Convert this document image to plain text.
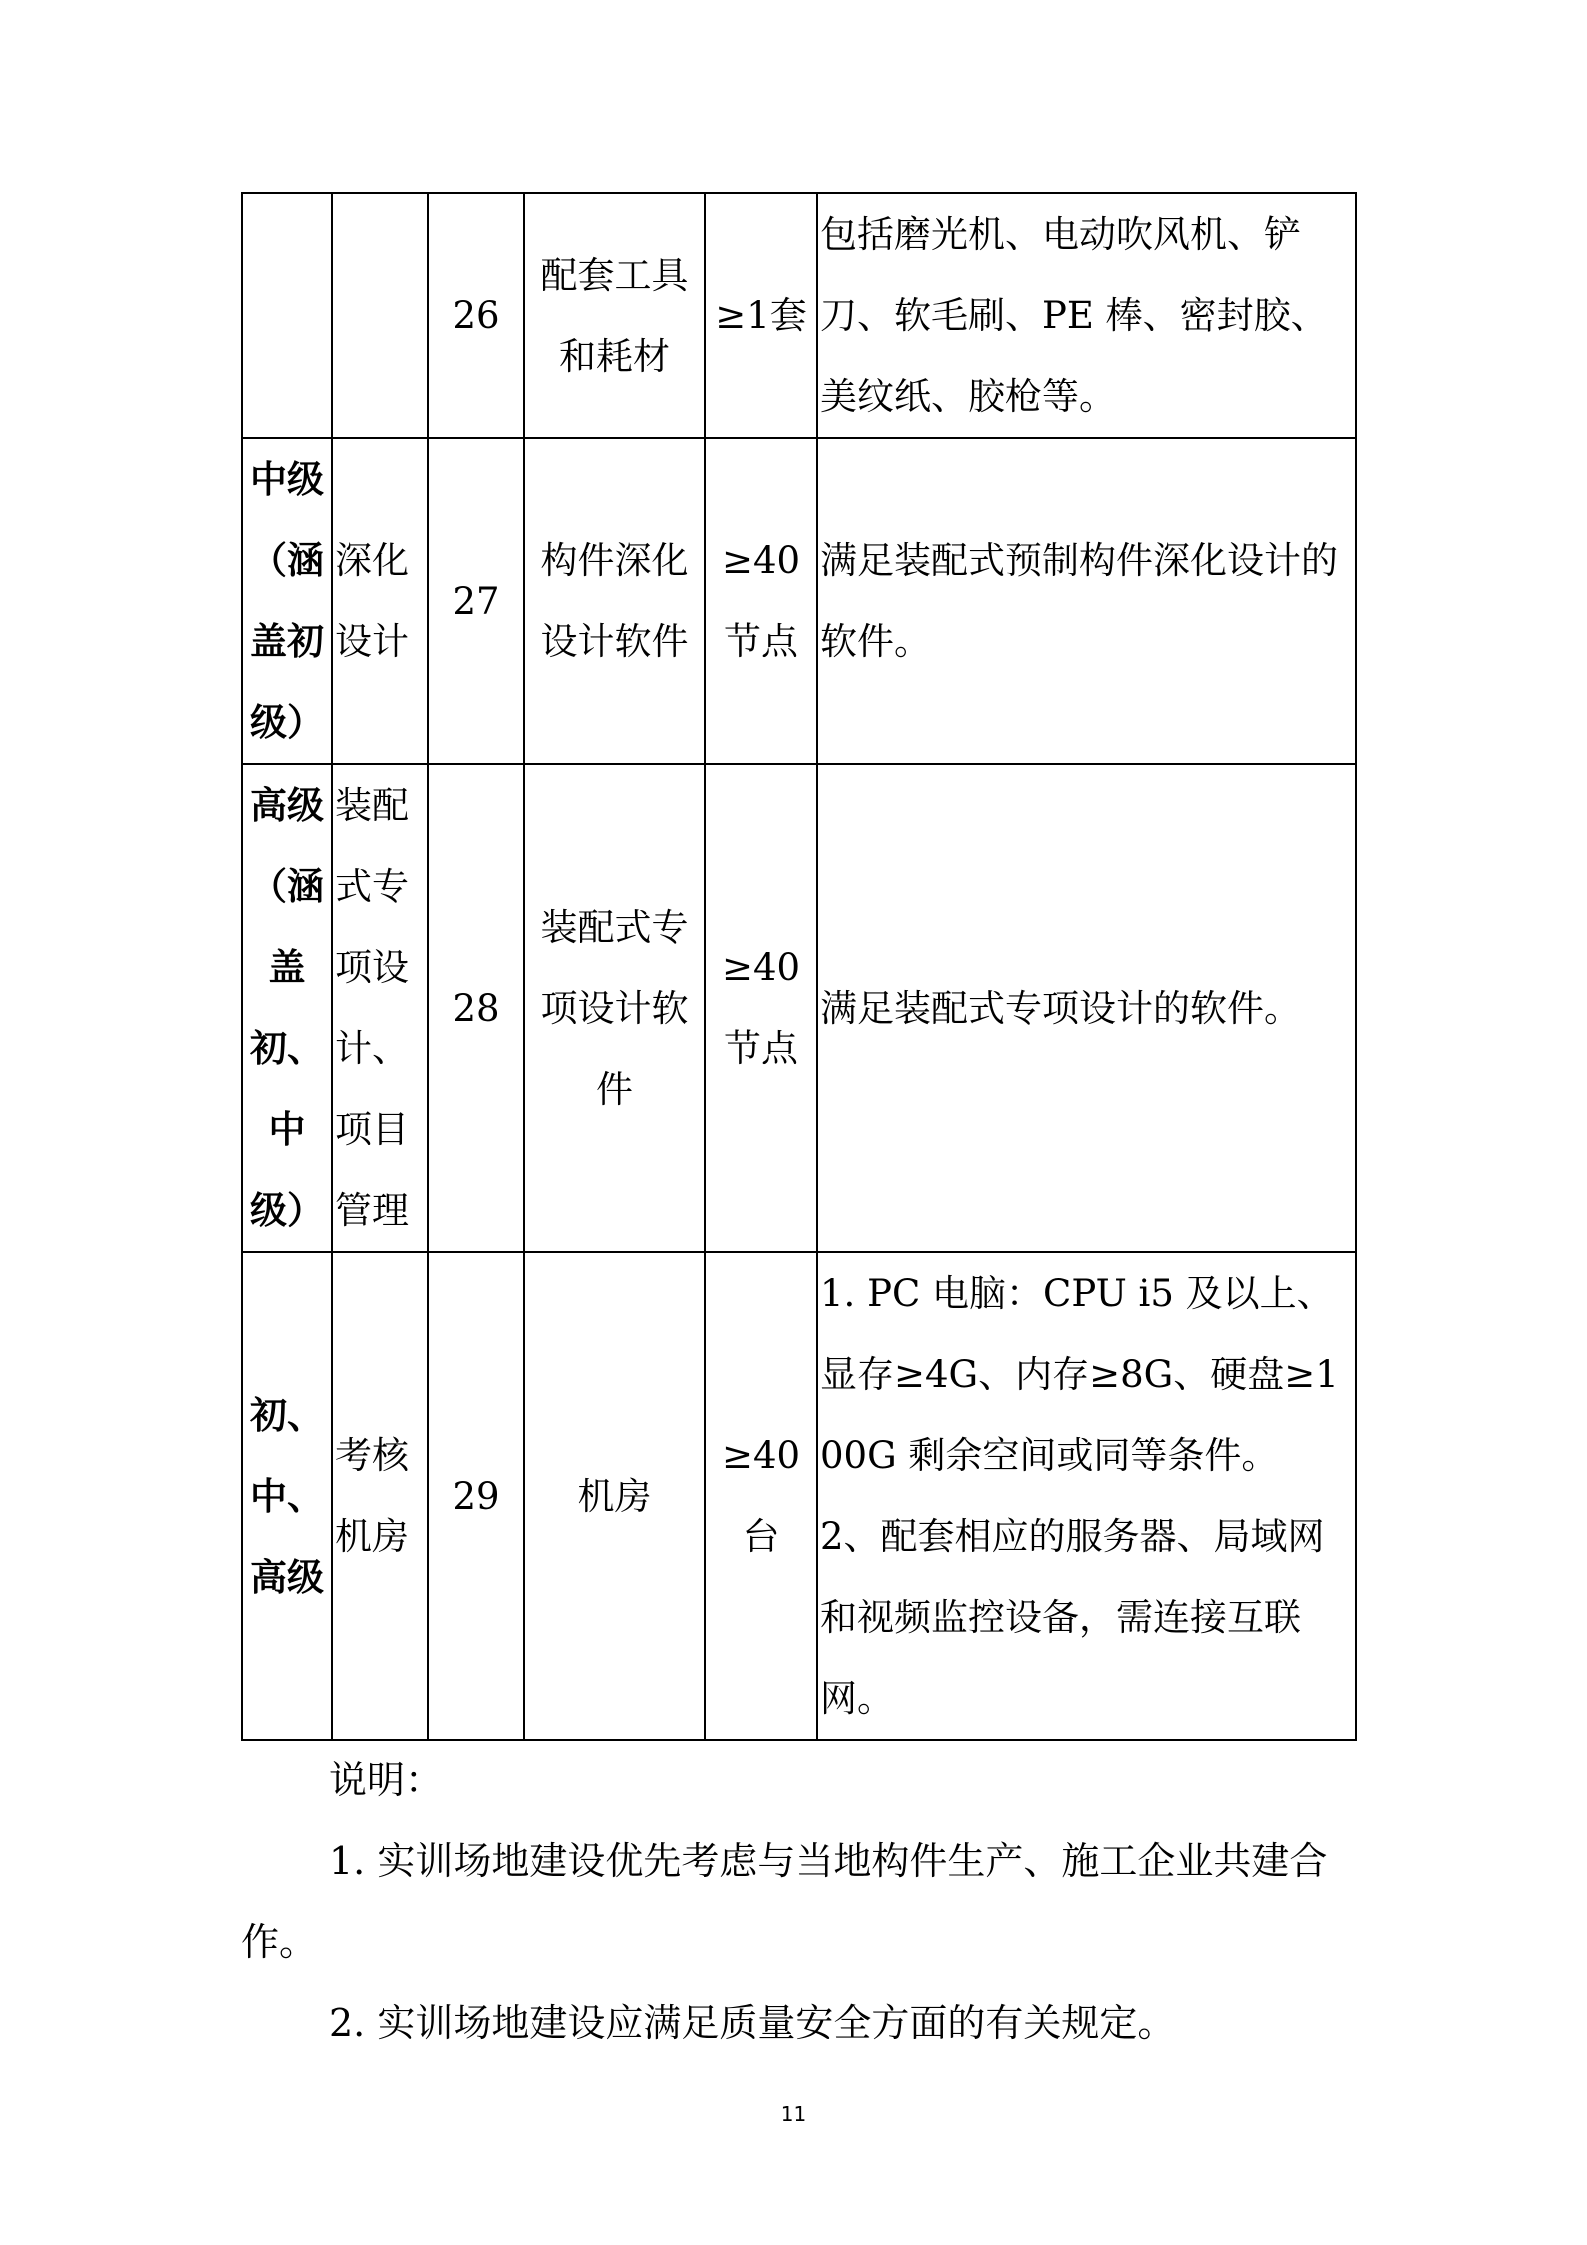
		26	配套工具和耗材	≥1套	包括磨光机、电动吹风机、铲刀、软毛刷、PE 棒、密封胶、美纹纸、胶枪等。
中级（涵盖初级）	深化设计	27	构件深化设计软件	≥40节点	满足装配式预制构件深化设计的软件。
高级（涵盖初、中级）	装配式专项设计、项目管理	28	装配式专项设计软件	≥40节点	满足装配式专项设计的软件。
初、中、高级	考核机房	29	机房	≥40台	1. PC 电脑：CPU i5 及以上、显存≥4G、内存≥8G、硬盘≥100G 剩余空间或同等条件。
2、配套相应的服务器、局域网和视频监控设备，需连接互联网。

说明：

1. 实训场地建设优先考虑与当地构件生产、施工企业共建合作。

2. 实训场地建设应满足质量安全方面的有关规定。

11
